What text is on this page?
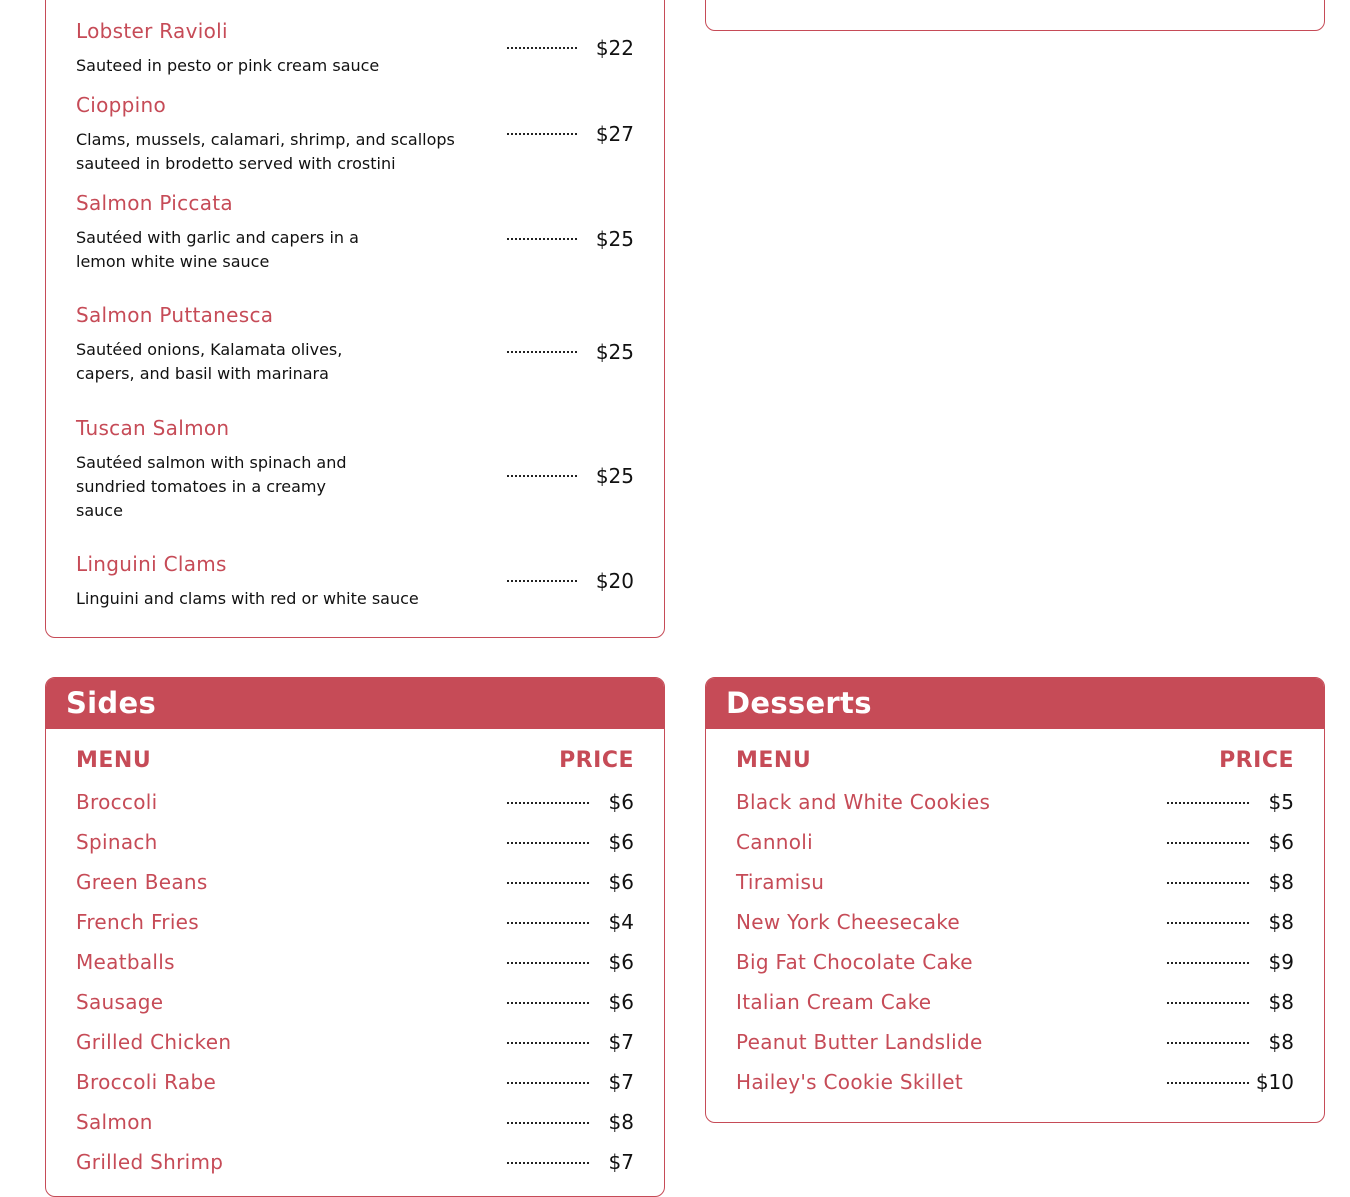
Lobster Ravioli
Sauteed in pesto or pink cream sauce
$22
Cioppino
Clams, mussels, calamari, shrimp, and scallops sauteed in brodetto served with crostini
$27
Salmon Piccata
Sautéed with garlic and capers in a lemon white wine sauce
$25
Salmon Puttanesca
Sautéed onions, Kalamata olives, capers, and basil with marinara
$25
Tuscan Salmon
Sautéed salmon with spinach and sundried tomatoes in a creamy sauce
$25
Linguini Clams
Linguini and clams with red or white sauce
$20
Sides
MENU	PRICE
Broccoli	$6
Spinach	$6
Green Beans	$6
French Fries	$4
Meatballs	$6
Sausage	$6
Grilled Chicken	$7
Broccoli Rabe	$7
Salmon	$8
Grilled Shrimp	$7
Desserts
MENU	PRICE
Black and White Cookies	$5
Cannoli	$6
Tiramisu	$8
New York Cheesecake	$8
Big Fat Chocolate Cake	$9
Italian Cream Cake	$8
Peanut Butter Landslide	$8
Hailey's Cookie Skillet	$10
